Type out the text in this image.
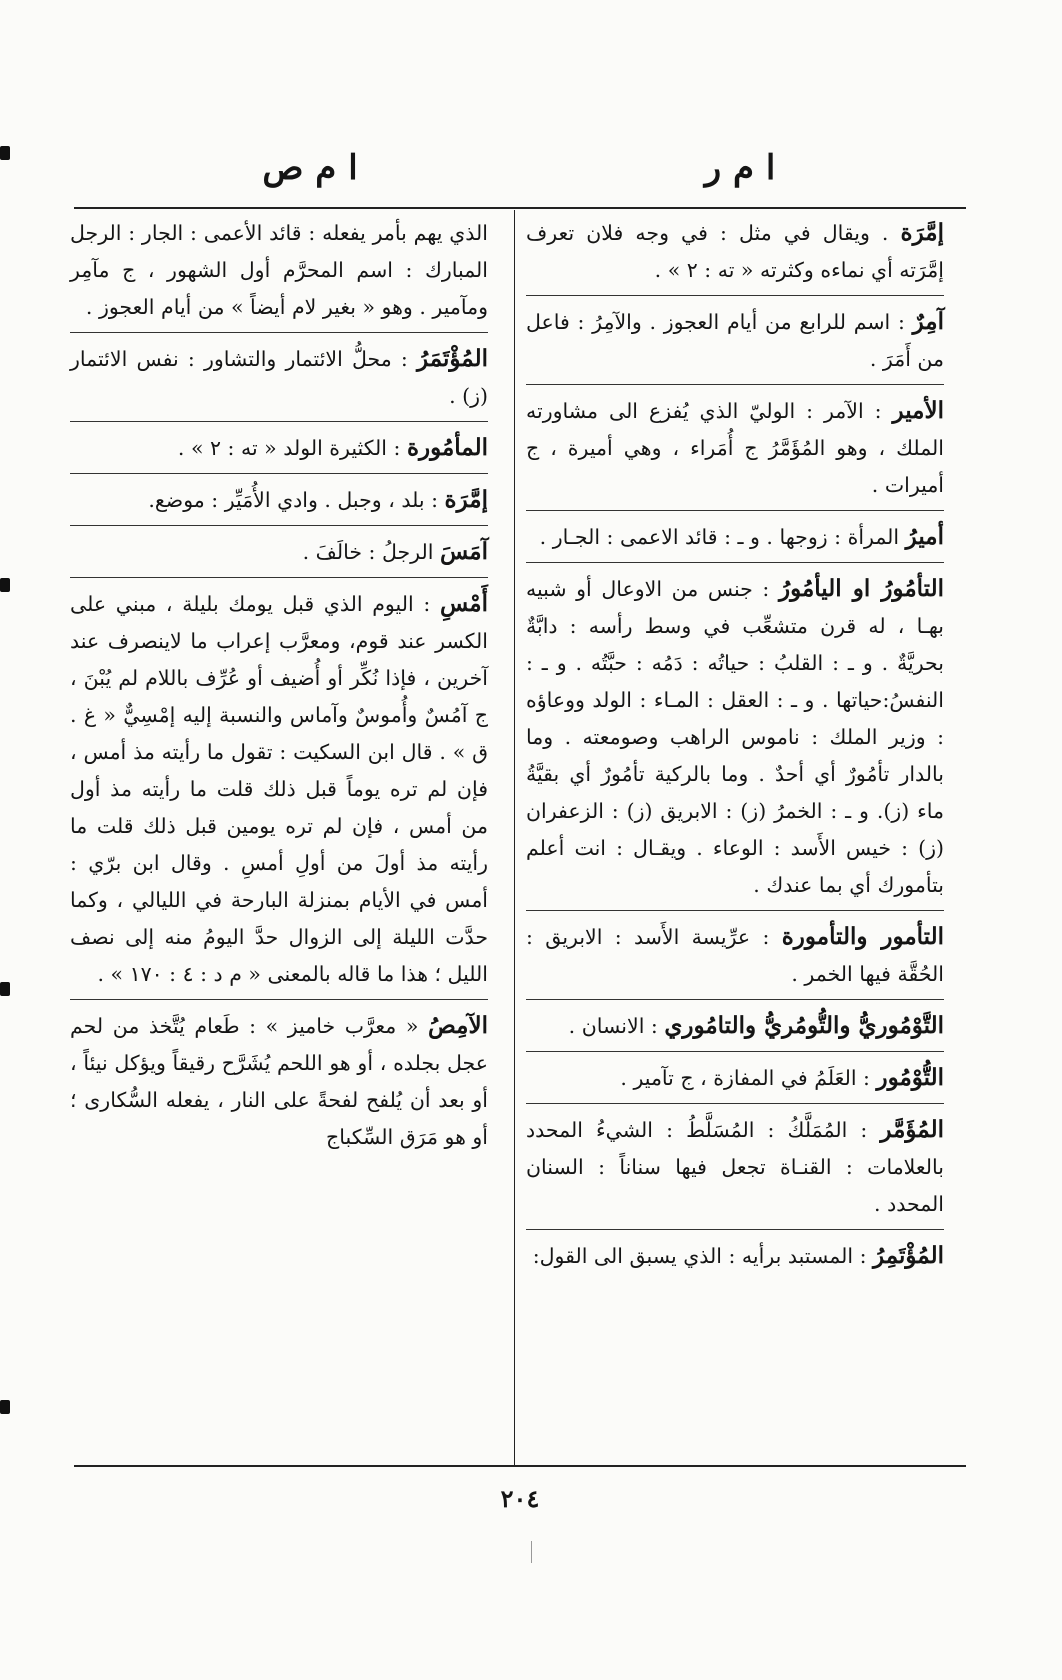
ا م ر
ا م ص
إمَّرَة . ويقال في مثل : في وجه فلان تعرف إمَّرَته أي نماءه وكثرته « ته : ٢ » .
آمِرٌ : اسم للرابع من أيام العجوز . والآمِرُ : فاعل من أَمَرَ .
الأمير : الآمر : الوليّ الذي يُفزع الى مشاورته الملك ، وهو المُؤَمَّرُ ج أُمَراء ، وهي أميرة ، ج أميرات .
أميرُ المرأة : زوجها . و ـ : قائد الاعمى : الجـار .
التأمُورُ او اليأمُورُ : جنس من الاوعال أو شبيه بهـا ، له قرن متشعِّب في وسط رأسه : دابَّةٌ بحريَّةٌ . و ـ : القلبُ : حياتُه : دَمُه : حبَّتُه . و ـ : النفسُ:حياتها . و ـ : العقل : المـاء : الولد ووعاؤه : وزير الملك : ناموس الراهب وصومعته . وما بالدار تأمُورٌ أي أحدٌ . وما بالركية تأمُورٌ أي بقيَّةُ ماء (ز). و ـ : الخمرُ (ز) : الابريق (ز) : الزعفران (ز) : خيس الأَسد : الوعاء . ويقـال : انت أعلم بتأمورك أي بما عندك .
التأمور والتأمورة : عرِّيسة الأَسد : الابريق : الحُقَّة فيها الخمر .
التَّوْمُوريُّ والتُّومُريُّ والتامُوري : الانسان .
التُّوْمُور : العَلَمُ في المفازة ، ج تآمير .
المُؤَمَّر : المُمَلَّكُ : المُسَلَّطُ : الشيءُ المحدد بالعلامات : القنـاة تجعل فيها سناناً : السنان المحدد .
المُؤْتَمِرُ : المستبد برأيه : الذي يسبق الى القول:
الذي يهم بأمر يفعله : قائد الأعمى : الجار : الرجل المبارك : اسم المحرَّم أول الشهور ، ج مآمِر ومآمير . وهو « بغير لام أيضاً » من أيام العجوز .
المُؤْتَمَرُ : محلُّ الائتمار والتشاور : نفس الائتمار (ز) .
المأمُورة : الكثيرة الولد « ته : ٢ » .
إمَّرَة : بلد ، وجبل . وادي الأُمَيِّر : موضع.
آمَسَ الرجلُ : خالَفَ .
أَمْسِ : اليوم الذي قبل يومك بليلة ، مبني على الكسر عند قوم، ومعرَّب إعراب ما لاينصرف عند آخرين ، فإذا نُكِّر أو أُضيف أو عُرِّف باللام لم يُبْنَ ، ج آمُسٌ وأُموسٌ وآماس والنسبة إليه إمْسِيٌّ « غ . ق » . قال ابن السكيت : تقول ما رأيته مذ أمس ، فإن لم تره يوماً قبل ذلك قلت ما رأيته مذ أول من أمس ، فإن لم تره يومين قبل ذلك قلت ما رأيته مذ أولَ من أولِ أمسِ . وقال ابن برّي : أمس في الأيام بمنزلة البارحة في الليالي ، وكما حدَّت الليلة إلى الزوال حدَّ اليومُ منه إلى نصف الليل ؛ هذا ما قاله بالمعنى « م د : ٤ : ١٧٠ » .
الآمِصُ « معرَّب خاميز » : طَعام يُتَّخذ من لحم عجل بجلده ، أو هو اللحم يُشَرَّح رقيقاً ويؤكل نيئاً ، أو بعد أن يُلفح لفحةً على النار ، يفعله السُّكارى ؛ أو هو مَرَق السِّكباج
٢٠٤
